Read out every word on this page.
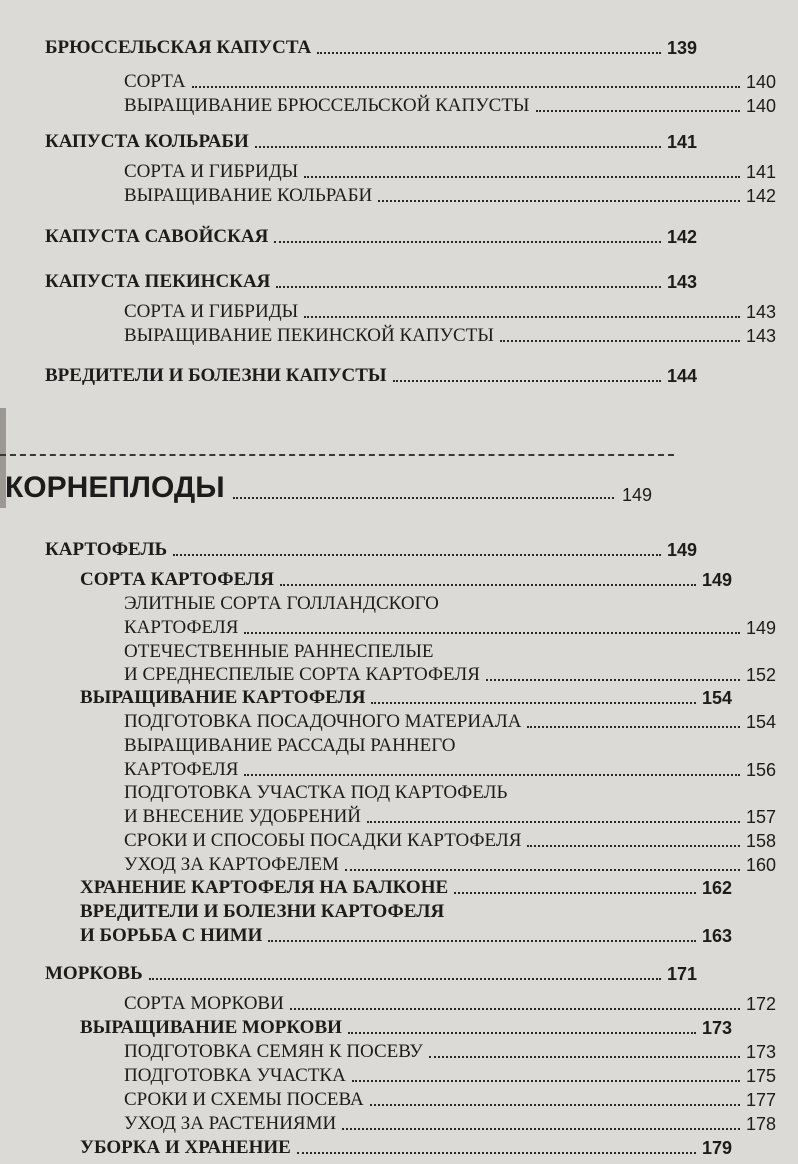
БРЮССЕЛЬСКАЯ КАПУСТА	139
СОРТА	140
ВЫРАЩИВАНИЕ БРЮССЕЛЬСКОЙ КАПУСТЫ	140
КАПУСТА КОЛЬРАБИ	141
СОРТА И ГИБРИДЫ	141
ВЫРАЩИВАНИЕ КОЛЬРАБИ	142
КАПУСТА САВОЙСКАЯ	142
КАПУСТА ПЕКИНСКАЯ	143
СОРТА И ГИБРИДЫ	143
ВЫРАЩИВАНИЕ ПЕКИНСКОЙ КАПУСТЫ	143
ВРЕДИТЕЛИ И БОЛЕЗНИ КАПУСТЫ	144
КОРНЕПЛОДЫ	149
КАРТОФЕЛЬ	149
СОРТА КАРТОФЕЛЯ	149
ЭЛИТНЫЕ СОРТА ГОЛЛАНДСКОГО
КАРТОФЕЛЯ	149
ОТЕЧЕСТВЕННЫЕ РАННЕСПЕЛЫЕ
И СРЕДНЕСПЕЛЫЕ СОРТА КАРТОФЕЛЯ	152
ВЫРАЩИВАНИЕ КАРТОФЕЛЯ	154
ПОДГОТОВКА ПОСАДОЧНОГО МАТЕРИАЛА	154
ВЫРАЩИВАНИЕ РАССАДЫ РАННЕГО
КАРТОФЕЛЯ	156
ПОДГОТОВКА УЧАСТКА ПОД КАРТОФЕЛЬ
И ВНЕСЕНИЕ УДОБРЕНИЙ	157
СРОКИ И СПОСОБЫ ПОСАДКИ КАРТОФЕЛЯ	158
УХОД ЗА КАРТОФЕЛЕМ	160
ХРАНЕНИЕ КАРТОФЕЛЯ НА БАЛКОНЕ	162
ВРЕДИТЕЛИ И БОЛЕЗНИ КАРТОФЕЛЯ
И БОРЬБА С НИМИ	163
МОРКОВЬ	171
СОРТА МОРКОВИ	172
ВЫРАЩИВАНИЕ МОРКОВИ	173
ПОДГОТОВКА СЕМЯН К ПОСЕВУ	173
ПОДГОТОВКА УЧАСТКА	175
СРОКИ И СХЕМЫ ПОСЕВА	177
УХОД ЗА РАСТЕНИЯМИ	178
УБОРКА И ХРАНЕНИЕ	179
